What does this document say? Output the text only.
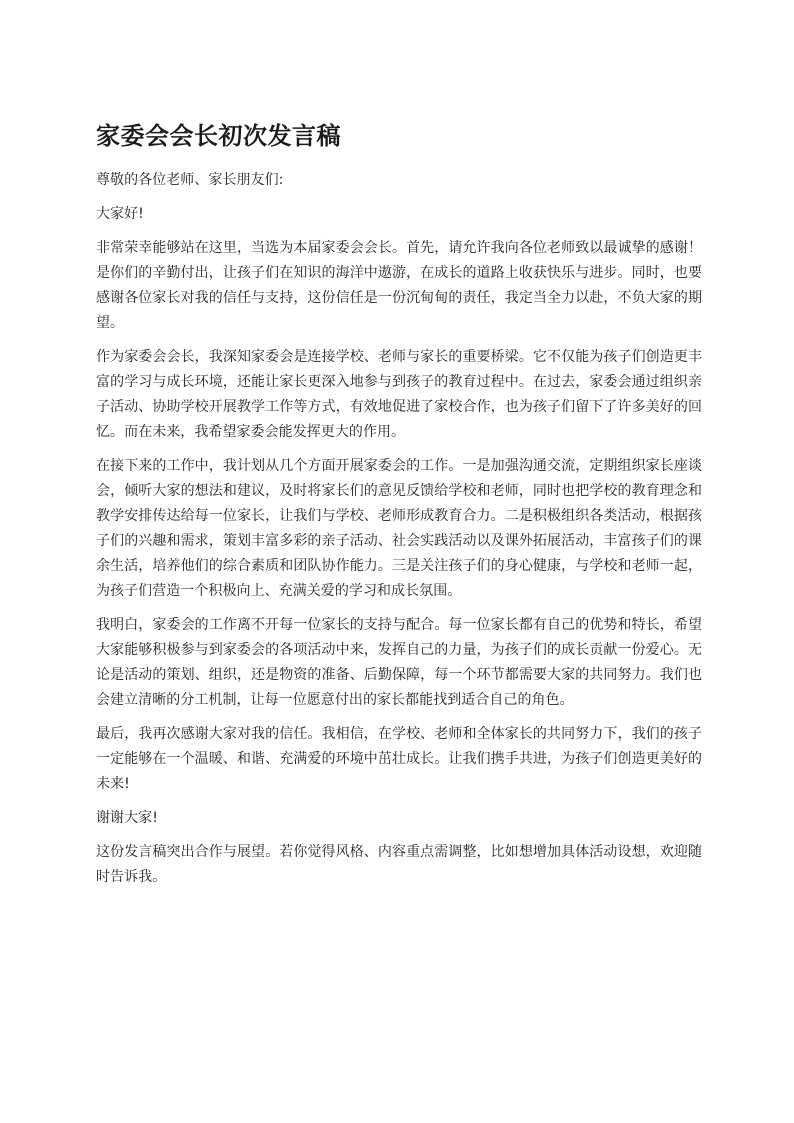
家委会会长初次发言稿

尊敬的各位老师、家长朋友们:

大家好!

非常荣幸能够站在这里，当选为本届家委会会长。首先，请允许我向各位老师致以最诚挚的感谢！是你们的辛勤付出，让孩子们在知识的海洋中遨游，在成长的道路上收获快乐与进步。同时，也要感谢各位家长对我的信任与支持，这份信任是一份沉甸甸的责任，我定当全力以赴，不负大家的期望。

作为家委会会长，我深知家委会是连接学校、老师与家长的重要桥梁。它不仅能为孩子们创造更丰富的学习与成长环境，还能让家长更深入地参与到孩子的教育过程中。在过去，家委会通过组织亲子活动、协助学校开展教学工作等方式，有效地促进了家校合作，也为孩子们留下了许多美好的回忆。而在未来，我希望家委会能发挥更大的作用。

在接下来的工作中，我计划从几个方面开展家委会的工作。一是加强沟通交流，定期组织家长座谈会，倾听大家的想法和建议，及时将家长们的意见反馈给学校和老师，同时也把学校的教育理念和教学安排传达给每一位家长，让我们与学校、老师形成教育合力。二是积极组织各类活动，根据孩子们的兴趣和需求，策划丰富多彩的亲子活动、社会实践活动以及课外拓展活动，丰富孩子们的课余生活，培养他们的综合素质和团队协作能力。三是关注孩子们的身心健康，与学校和老师一起，为孩子们营造一个积极向上、充满关爱的学习和成长氛围。

我明白，家委会的工作离不开每一位家长的支持与配合。每一位家长都有自己的优势和特长，希望大家能够积极参与到家委会的各项活动中来，发挥自己的力量，为孩子们的成长贡献一份爱心。无论是活动的策划、组织，还是物资的准备、后勤保障，每一个环节都需要大家的共同努力。我们也会建立清晰的分工机制，让每一位愿意付出的家长都能找到适合自己的角色。

最后，我再次感谢大家对我的信任。我相信，在学校、老师和全体家长的共同努力下，我们的孩子一定能够在一个温暖、和谐、充满爱的环境中茁壮成长。让我们携手共进，为孩子们创造更美好的未来!

谢谢大家!

这份发言稿突出合作与展望。若你觉得风格、内容重点需调整，比如想增加具体活动设想，欢迎随时告诉我。
